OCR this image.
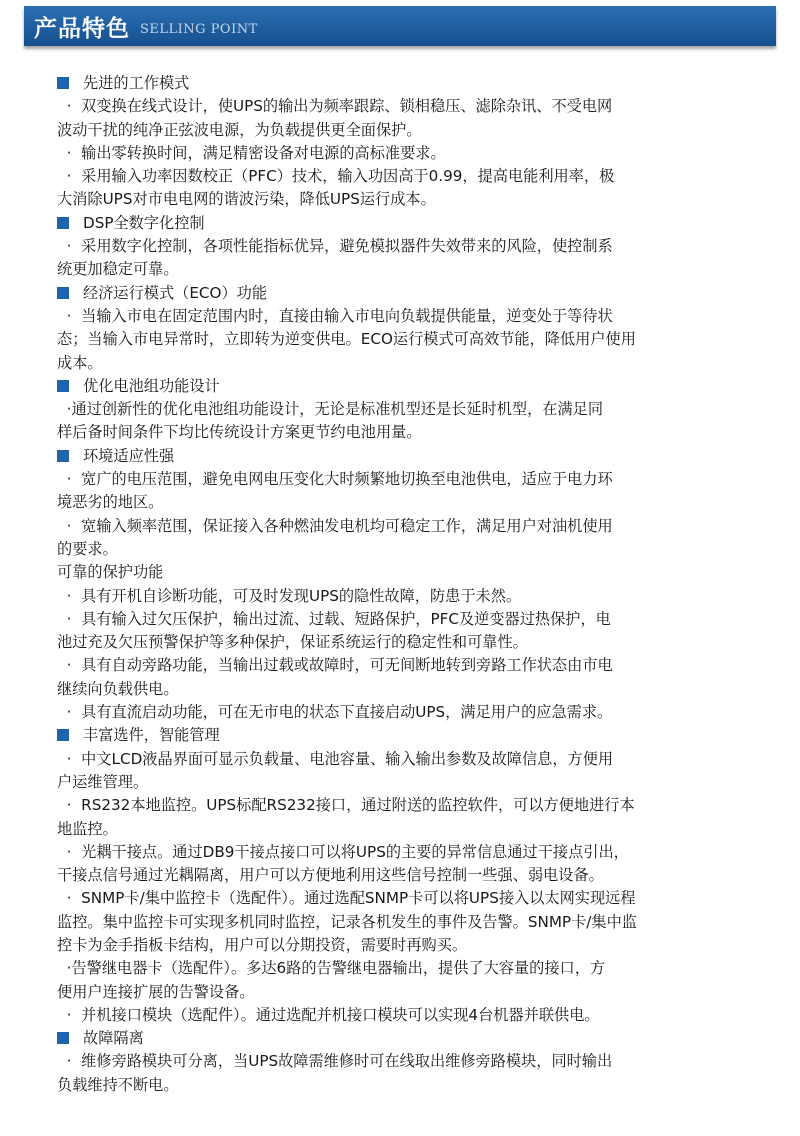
产品特色 SELLING POINT
先进的工作模式
·  双变换在线式设计，使UPS的输出为频率跟踪、锁相稳压、滤除杂讯、不受电网
波动干扰的纯净正弦波电源，为负载提供更全面保护。
·  输出零转换时间，满足精密设备对电源的高标准要求。
·  采用输入功率因数校正（PFC）技术，输入功因高于0.99，提高电能利用率，极
大消除UPS对市电电网的谐波污染，降低UPS运行成本。
DSP全数字化控制
·  采用数字化控制，各项性能指标优异，避免模拟器件失效带来的风险，使控制系
统更加稳定可靠。
经济运行模式（ECO）功能
·  当输入市电在固定范围内时，直接由输入市电向负载提供能量，逆变处于等待状
态；当输入市电异常时，立即转为逆变供电。ECO运行模式可高效节能，降低用户使用
成本。
优化电池组功能设计
·通过创新性的优化电池组功能设计，无论是标准机型还是长延时机型，在满足同
样后备时间条件下均比传统设计方案更节约电池用量。
环境适应性强
·  宽广的电压范围，避免电网电压变化大时频繁地切换至电池供电，适应于电力环
境恶劣的地区。
·  宽输入频率范围，保证接入各种燃油发电机均可稳定工作，满足用户对油机使用
的要求。
可靠的保护功能
·  具有开机自诊断功能，可及时发现UPS的隐性故障，防患于未然。
·  具有输入过欠压保护，输出过流、过载、短路保护，PFC及逆变器过热保护，电
池过充及欠压预警保护等多种保护，保证系统运行的稳定性和可靠性。
·  具有自动旁路功能，当输出过载或故障时，可无间断地转到旁路工作状态由市电
继续向负载供电。
·  具有直流启动功能，可在无市电的状态下直接启动UPS，满足用户的应急需求。
丰富选件，智能管理
·  中文LCD液晶界面可显示负载量、电池容量、输入输出参数及故障信息，方便用
户运维管理。
·  RS232本地监控。UPS标配RS232接口，通过附送的监控软件，可以方便地进行本
地监控。
·  光耦干接点。通过DB9干接点接口可以将UPS的主要的异常信息通过干接点引出，
干接点信号通过光耦隔离，用户可以方便地利用这些信号控制一些强、弱电设备。
·  SNMP卡/集中监控卡（选配件）。通过选配SNMP卡可以将UPS接入以太网实现远程
监控。集中监控卡可实现多机同时监控，记录各机发生的事件及告警。SNMP卡/集中监
控卡为金手指板卡结构，用户可以分期投资，需要时再购买。
·告警继电器卡（选配件）。多达6路的告警继电器输出，提供了大容量的接口，方
便用户连接扩展的告警设备。
·  并机接口模块（选配件）。通过选配并机接口模块可以实现4台机器并联供电。
故障隔离
·  维修旁路模块可分离，当UPS故障需维修时可在线取出维修旁路模块，同时输出
负载维持不断电。
